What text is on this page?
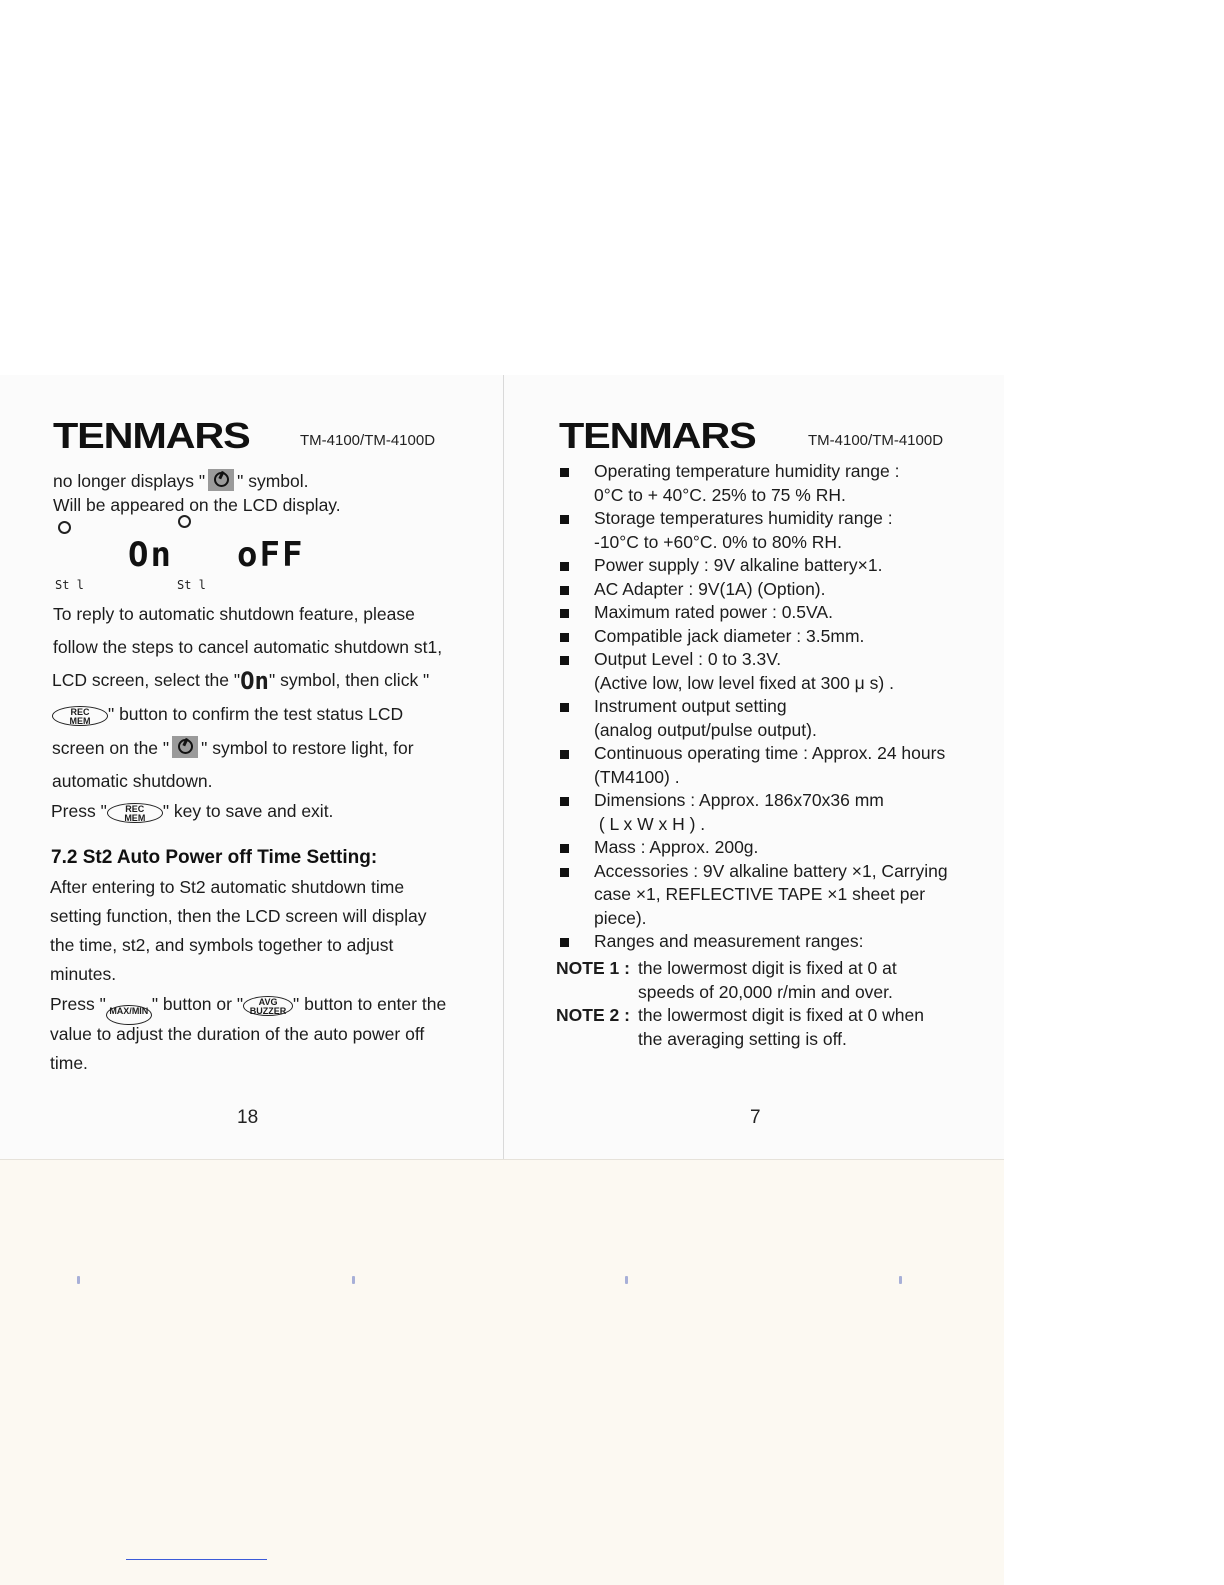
TENMARS	TM-4100/TM-4100D
no longer displays " " symbol.
Will be appeared on the LCD display.
On oFF
St l	St l
To reply to automatic shutdown feature, please
follow the steps to cancel automatic shutdown st1,
LCD screen, select the "On" symbol, then click "
REC
MEM " button to confirm the test status LCD
screen on the " " symbol to restore light, for
automatic shutdown.
Press " REC
MEM " key to save and exit.
7.2 St2 Auto Power off Time Setting:
After entering to St2 automatic shutdown time
setting function, then the LCD screen will display
the time, st2, and symbols together to adjust
minutes.
Press " MAX/MIN " button or " AVG
BUZZER " button to enter the
value to adjust the duration of the auto power off
time.
18
TENMARS	TM-4100/TM-4100D
Operating temperature humidity range :
0°C to + 40°C. 25% to 75 % RH.
Storage temperatures humidity range :
-10°C to +60°C. 0% to 80% RH.
Power supply : 9V alkaline battery×1.
AC Adapter : 9V(1A) (Option).
Maximum rated power : 0.5VA.
Compatible jack diameter : 3.5mm.
Output Level : 0 to 3.3V.
(Active low, low level fixed at 300 μ s) .
Instrument output setting
(analog output/pulse output).
Continuous operating time : Approx. 24 hours
(TM4100) .
Dimensions : Approx. 186x70x36 mm
( L x W x H ) .
Mass : Approx. 200g.
Accessories : 9V alkaline battery ×1, Carrying
case ×1, REFLECTIVE TAPE ×1 sheet per
piece).
Ranges and measurement ranges:
NOTE 1 : the lowermost digit is fixed at 0 at
speeds of 20,000 r/min and over.
NOTE 2 : the lowermost digit is fixed at 0 when
the averaging setting is off.
7
